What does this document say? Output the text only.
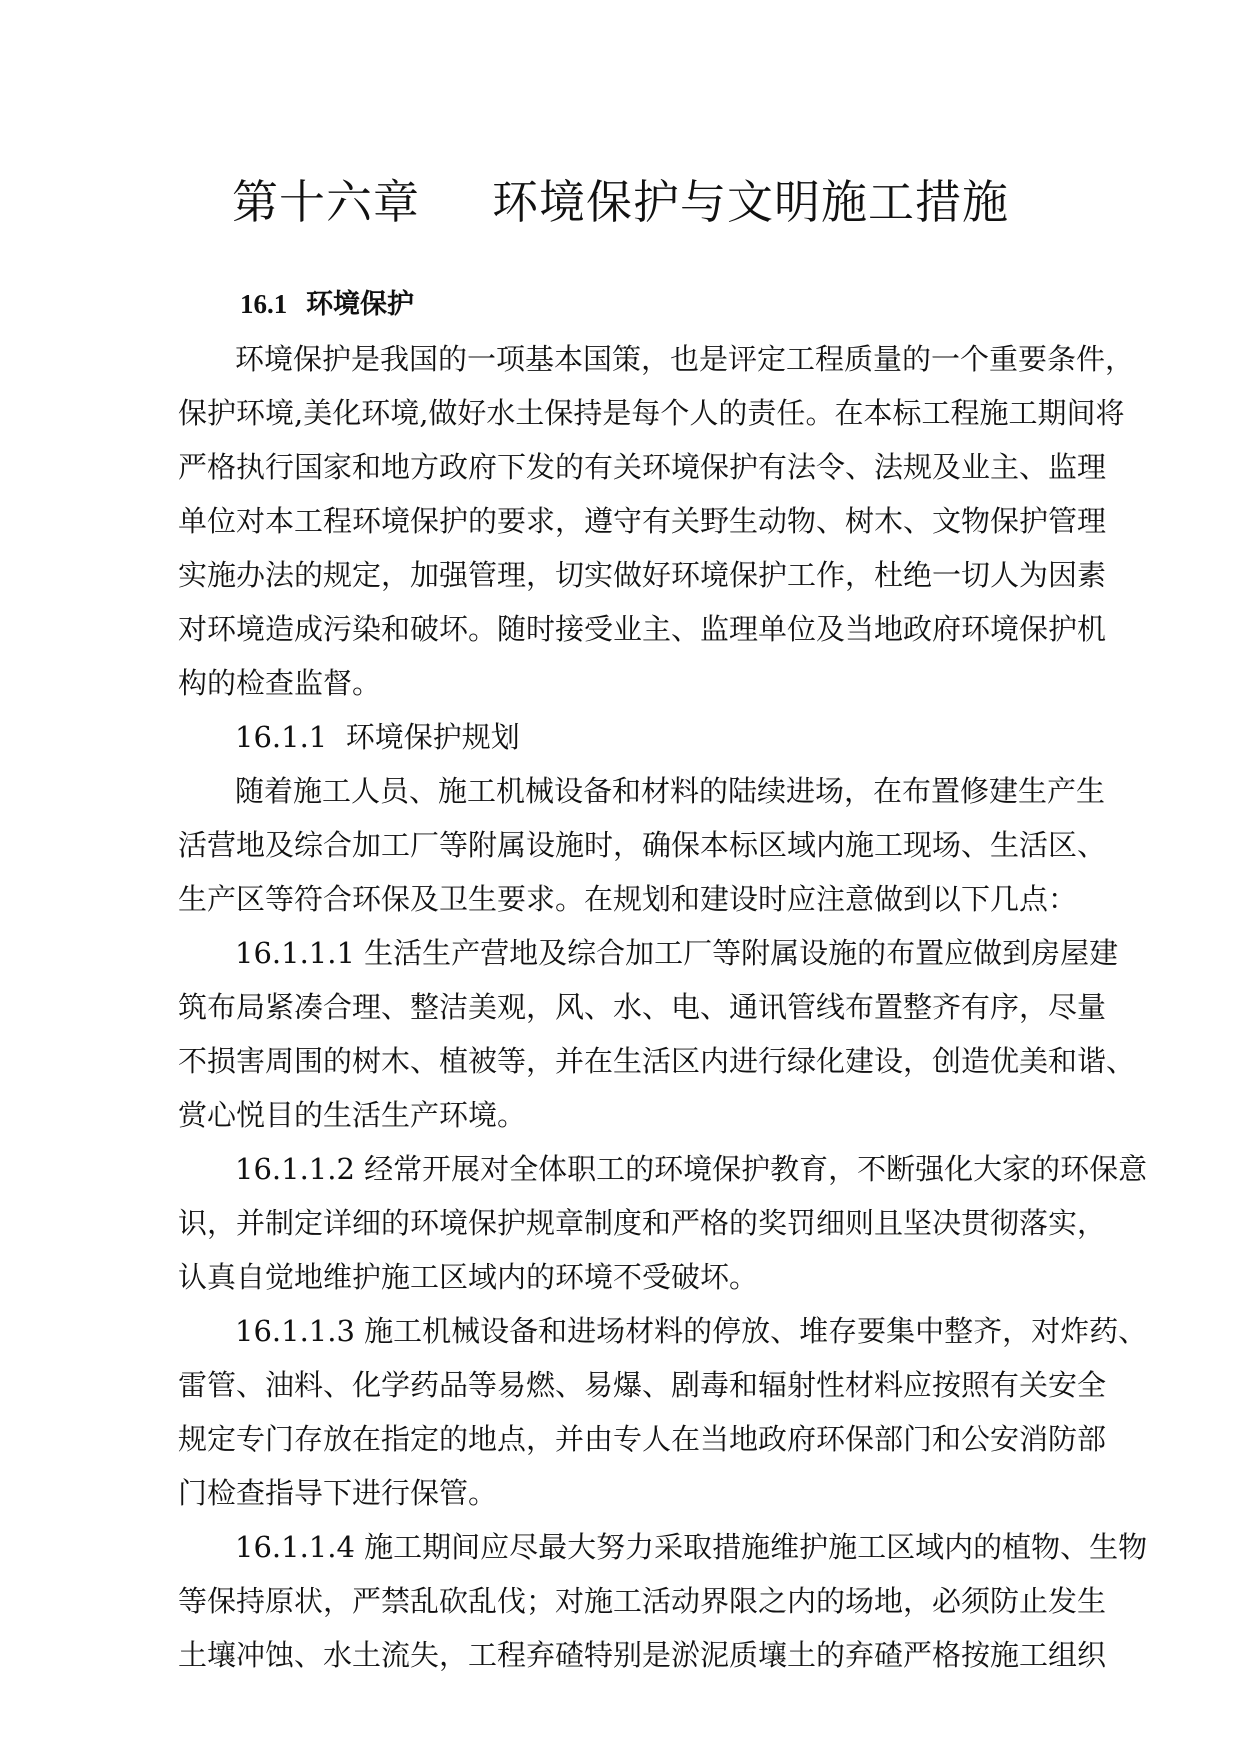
第十六章 环境保护与文明施工措施
16.1 环境保护

环境保护是我国的一项基本国策，也是评定工程质量的一个重要条件，
保护环境,美化环境,做好水土保持是每个人的责任。在本标工程施工期间将
严格执行国家和地方政府下发的有关环境保护有法令、法规及业主、监理
单位对本工程环境保护的要求，遵守有关野生动物、树木、文物保护管理
实施办法的规定，加强管理，切实做好环境保护工作，杜绝一切人为因素
对环境造成污染和破坏。随时接受业主、监理单位及当地政府环境保护机
构的检查监督。

16.1.1 环境保护规划

随着施工人员、施工机械设备和材料的陆续进场，在布置修建生产生
活营地及综合加工厂等附属设施时，确保本标区域内施工现场、生活区、
生产区等符合环保及卫生要求。在规划和建设时应注意做到以下几点：

16.1.1.1 生活生产营地及综合加工厂等附属设施的布置应做到房屋建
筑布局紧凑合理、整洁美观，风、水、电、通讯管线布置整齐有序，尽量
不损害周围的树木、植被等，并在生活区内进行绿化建设，创造优美和谐、
赏心悦目的生活生产环境。

16.1.1.2 经常开展对全体职工的环境保护教育，不断强化大家的环保意
识，并制定详细的环境保护规章制度和严格的奖罚细则且坚决贯彻落实，
认真自觉地维护施工区域内的环境不受破坏。

16.1.1.3 施工机械设备和进场材料的停放、堆存要集中整齐，对炸药、
雷管、油料、化学药品等易燃、易爆、剧毒和辐射性材料应按照有关安全
规定专门存放在指定的地点，并由专人在当地政府环保部门和公安消防部
门检查指导下进行保管。

16.1.1.4 施工期间应尽最大努力采取措施维护施工区域内的植物、生物
等保持原状，严禁乱砍乱伐；对施工活动界限之内的场地，必须防止发生
土壤冲蚀、水土流失，工程弃碴特别是淤泥质壤土的弃碴严格按施工组织
